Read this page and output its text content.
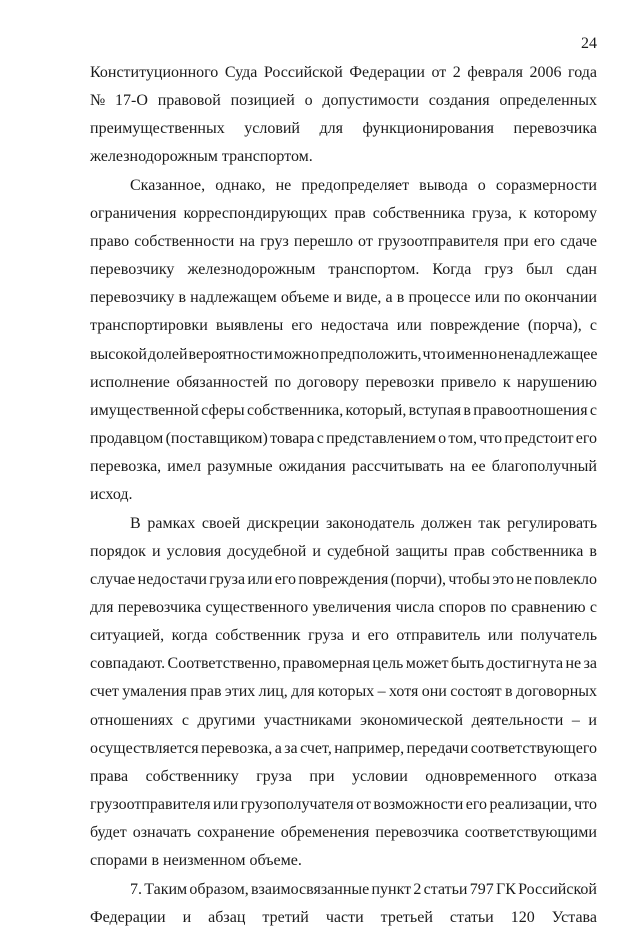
24
Конституционного Суда Российской Федерации от 2 февраля 2006 года
№ 17-О правовой позицией о допустимости создания определенных
преимущественных условий для функционирования перевозчика
железнодорожным транспортом.
Сказанное, однако, не предопределяет вывода о соразмерности
ограничения корреспондирующих прав собственника груза, к которому
право собственности на груз перешло от грузоотправителя при его сдаче
перевозчику железнодорожным транспортом. Когда груз был сдан
перевозчику в надлежащем объеме и виде, а в процессе или по окончании
транспортировки выявлены его недостача или повреждение (порча), с
высокой долей вероятности можно предположить, что именно ненадлежащее
исполнение обязанностей по договору перевозки привело к нарушению
имущественной сферы собственника, который, вступая в правоотношения с
продавцом (поставщиком) товара с представлением о том, что предстоит его
перевозка, имел разумные ожидания рассчитывать на ее благополучный
исход.
В рамках своей дискреции законодатель должен так регулировать
порядок и условия досудебной и судебной защиты прав собственника в
случае недостачи груза или его повреждения (порчи), чтобы это не повлекло
для перевозчика существенного увеличения числа споров по сравнению с
ситуацией, когда собственник груза и его отправитель или получатель
совпадают. Соответственно, правомерная цель может быть достигнута не за
счет умаления прав этих лиц, для которых – хотя они состоят в договорных
отношениях с другими участниками экономической деятельности – и
осуществляется перевозка, а за счет, например, передачи соответствующего
права собственнику груза при условии одновременного отказа
грузоотправителя или грузополучателя от возможности его реализации, что
будет означать сохранение обременения перевозчика соответствующими
спорами в неизменном объеме.
7. Таким образом, взаимосвязанные пункт 2 статьи 797 ГК Российской
Федерации и абзац третий части третьей статьи 120 Устава
